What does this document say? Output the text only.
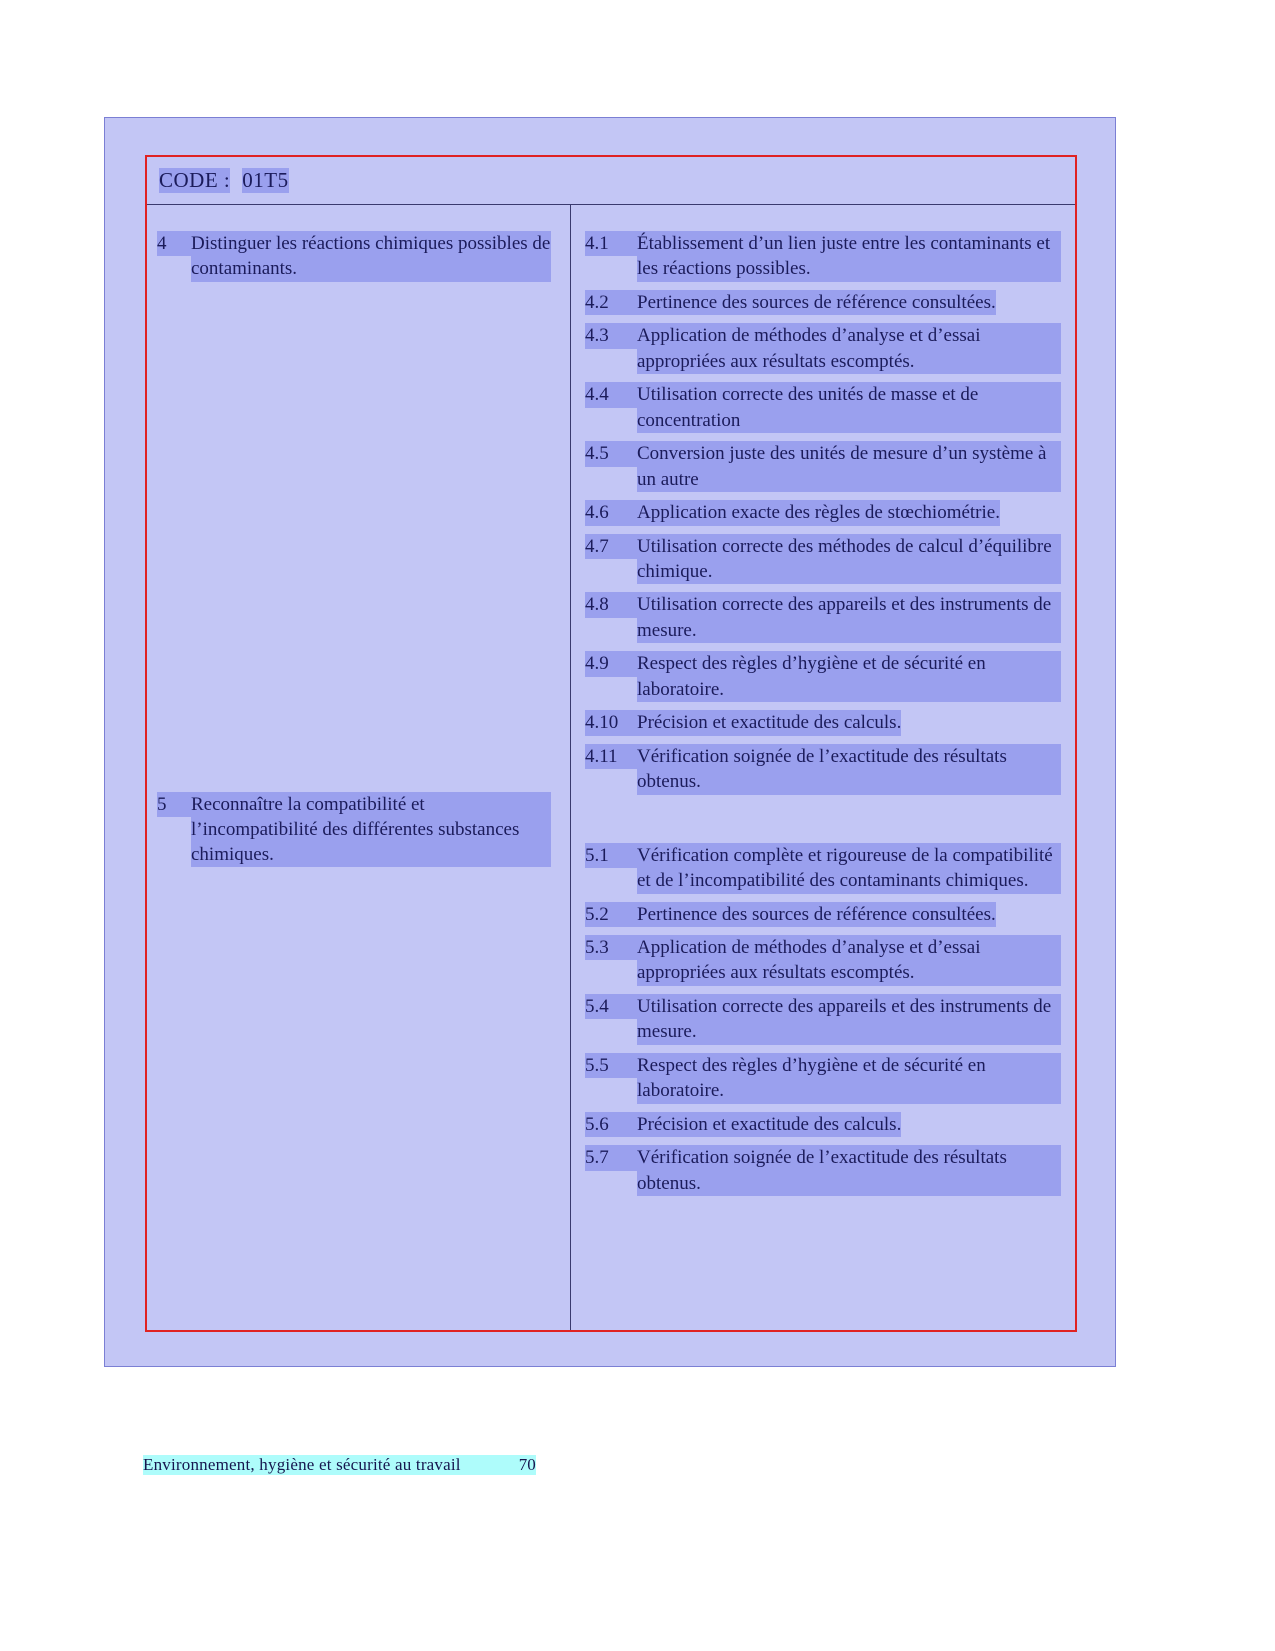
CODE : 01T5
4	Distinguer les réactions chimiques possibles de contaminants.
5	Reconnaître la compatibilité et l’incompatibilité des différentes substances chimiques.
4.1	Établissement d’un lien juste entre les contaminants et les réactions possibles.
4.2	Pertinence des sources de référence consultées.
4.3	Application de méthodes d’analyse et d’essai appropriées aux résultats escomptés.
4.4	Utilisation correcte des unités de masse et de concentration
4.5	Conversion juste des unités de mesure d’un système à un autre
4.6	Application exacte des règles de stœchiométrie.
4.7	Utilisation correcte des méthodes de calcul d’équilibre chimique.
4.8	Utilisation correcte des appareils et des instruments de mesure.
4.9	Respect des règles d’hygiène et de sécurité en laboratoire.
4.10 Précision et exactitude des calculs.
4.11	Vérification soignée de l’exactitude des résultats obtenus.
5.1	Vérification complète et rigoureuse de la compatibilité et de l’incompatibilité des contaminants chimiques.
5.2	Pertinence des sources de référence consultées.
5.3	Application de méthodes d’analyse et d’essai appropriées aux résultats escomptés.
5.4	Utilisation correcte des appareils et des instruments de mesure.
5.5	Respect des règles d’hygiène et de sécurité en laboratoire.
5.6	Précision et exactitude des calculs.
5.7	Vérification soignée de l’exactitude des résultats obtenus.
Environnement, hygiène et sécurité au travail	70
